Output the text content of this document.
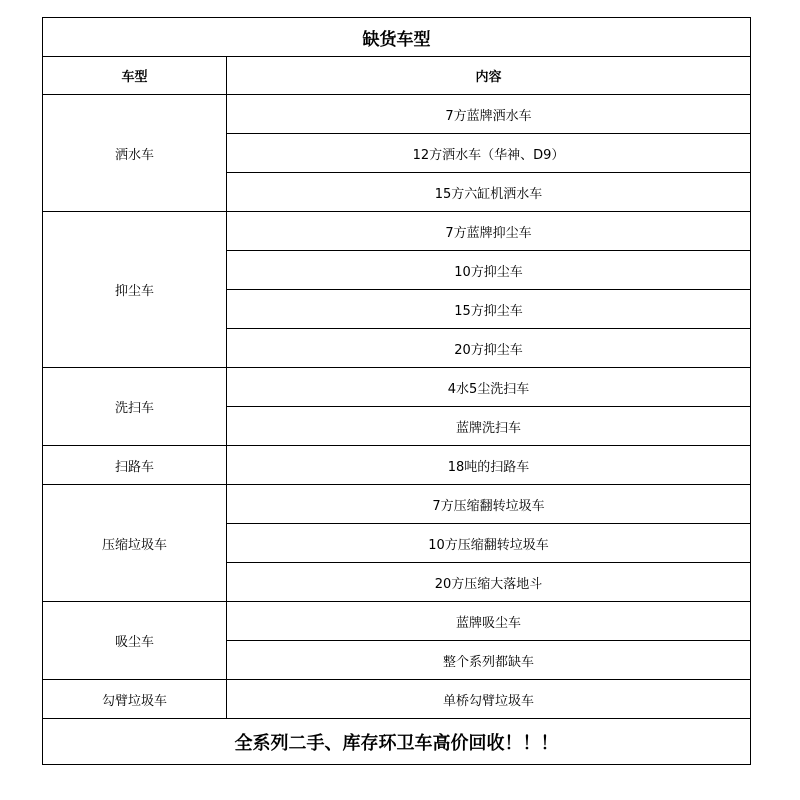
缺货车型	
车型	内容
洒水车	7方蓝牌洒水车
	12方洒水车（华神、D9）
	15方六缸机洒水车
抑尘车	7方蓝牌抑尘车
	10方抑尘车
	15方抑尘车
	20方抑尘车
洗扫车	4水5尘洗扫车
	蓝牌洗扫车
扫路车	18吨的扫路车
压缩垃圾车	7方压缩翻转垃圾车
	10方压缩翻转垃圾车
	20方压缩大落地斗
吸尘车	蓝牌吸尘车
	整个系列都缺车
勾臂垃圾车	单桥勾臂垃圾车
全系列二手、库存环卫车高价回收！！！	
